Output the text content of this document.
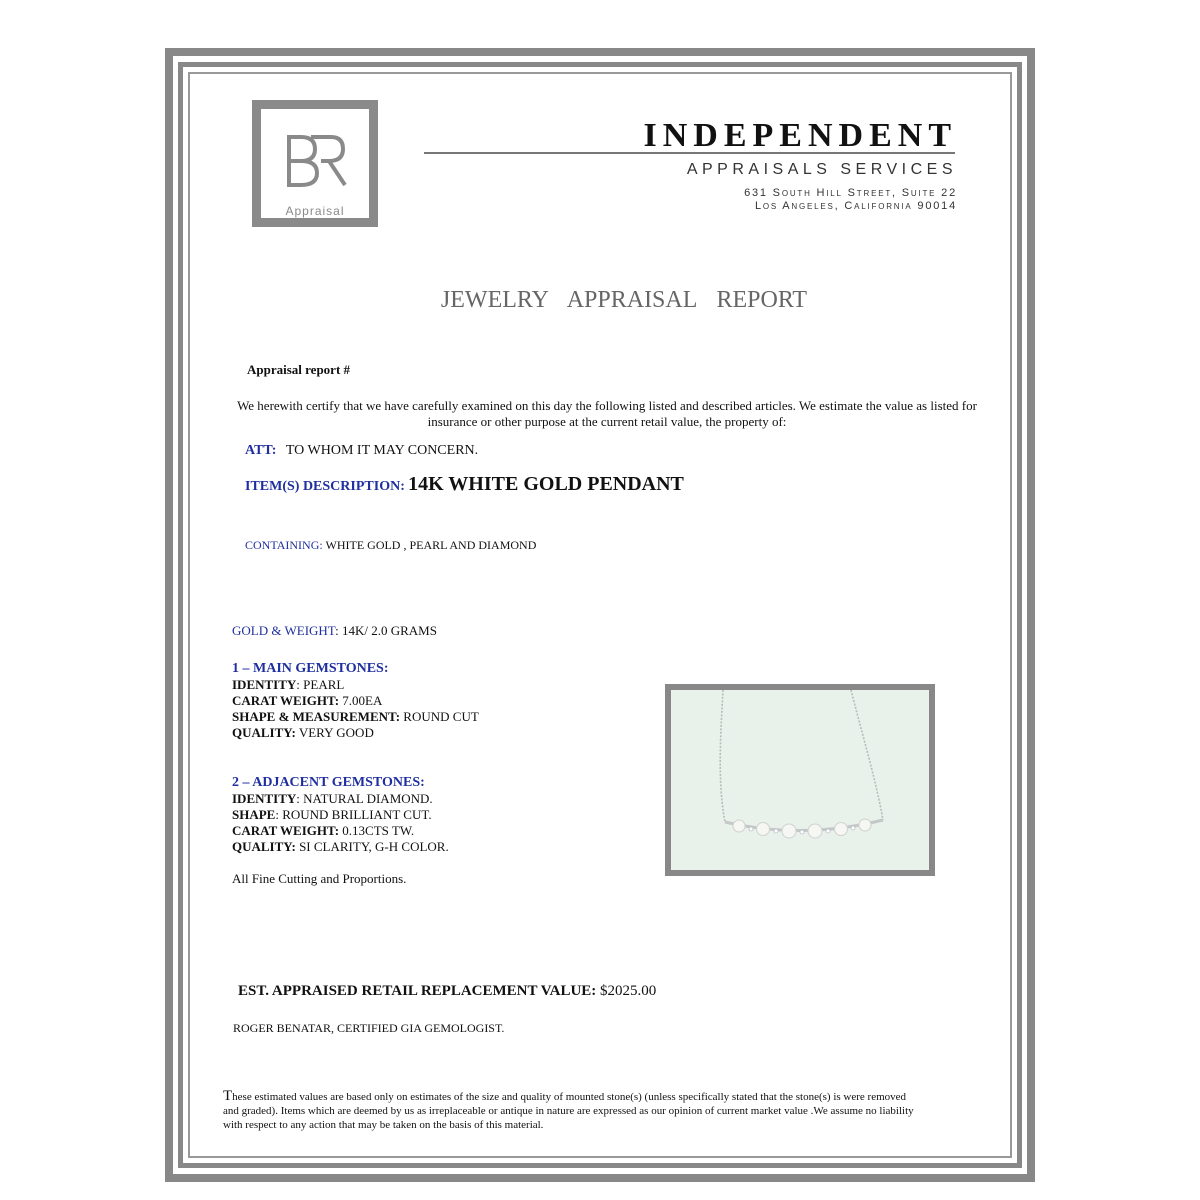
Appraisal
INDEPENDENT
APPRAISALS SERVICES
631 South Hill Street, Suite 22
Los Angeles, California 90014
JEWELRY APPRAISAL REPORT
Appraisal report #
We herewith certify that we have carefully examined on this day the following listed and described articles. We estimate the value as listed for insurance or other purpose at the current retail value, the property of:
ATT: TO WHOM IT MAY CONCERN.
ITEM(S) DESCRIPTION: 14K WHITE GOLD PENDANT
CONTAINING: WHITE GOLD , PEARL AND DIAMOND
GOLD & WEIGHT: 14K/ 2.0 GRAMS
1 – MAIN GEMSTONES:
IDENTITY: PEARL
CARAT WEIGHT: 7.00EA
SHAPE & MEASUREMENT: ROUND CUT
QUALITY: VERY GOOD
2 – ADJACENT GEMSTONES:
IDENTITY: NATURAL DIAMOND.
SHAPE: ROUND BRILLIANT CUT.
CARAT WEIGHT: 0.13CTS TW.
QUALITY: SI CLARITY, G-H COLOR.
All Fine Cutting and Proportions.
EST. APPRAISED RETAIL REPLACEMENT VALUE: $2025.00
ROGER BENATAR, CERTIFIED GIA GEMOLOGIST.
These estimated values are based only on estimates of the size and quality of mounted stone(s) (unless specifically stated that the stone(s) is were removed and graded). Items which are deemed by us as irreplaceable or antique in nature are expressed as our opinion of current market value .We assume no liability with respect to any action that may be taken on the basis of this material.
